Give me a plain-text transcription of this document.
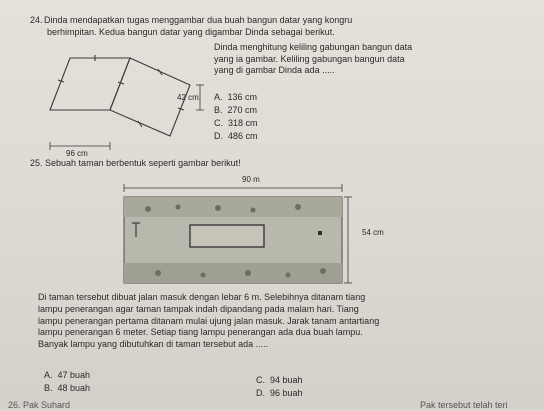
24. Dinda mendapatkan tugas menggambar dua buah bangun datar yang kongru
berhimpitan. Kedua bangun datar yang digambar Dinda sebagai berikut.
42 cm
96 cm
Dinda menghitung keliling gabungan bangun data
yang ia gambar. Keliling gabungan bangun data
yang di gambar Dinda ada .....
A. 136 cm
B. 270 cm
C. 318 cm
D. 486 cm
25. Sebuah taman berbentuk seperti gambar berikut!
90 m
54 cm
Di taman tersebut dibuat jalan masuk dengan lebar 6 m. Selebihnya ditanam tiang
lampu penerangan agar taman tampak indah dipandang pada malam hari. Tiang
lampu penerangan pertama ditanam mulai ujung jalan masuk. Jarak tanam antartiang
lampu penerangan 6 meter. Setiap tiang lampu penerangan ada dua buah lampu.
Banyak lampu yang dibutuhkan di taman tersebut ada .....
A. 47 buah
B. 48 buah
C. 94 buah
D. 96 buah
26. Pak Suhard	Pak tersebut telah teri
